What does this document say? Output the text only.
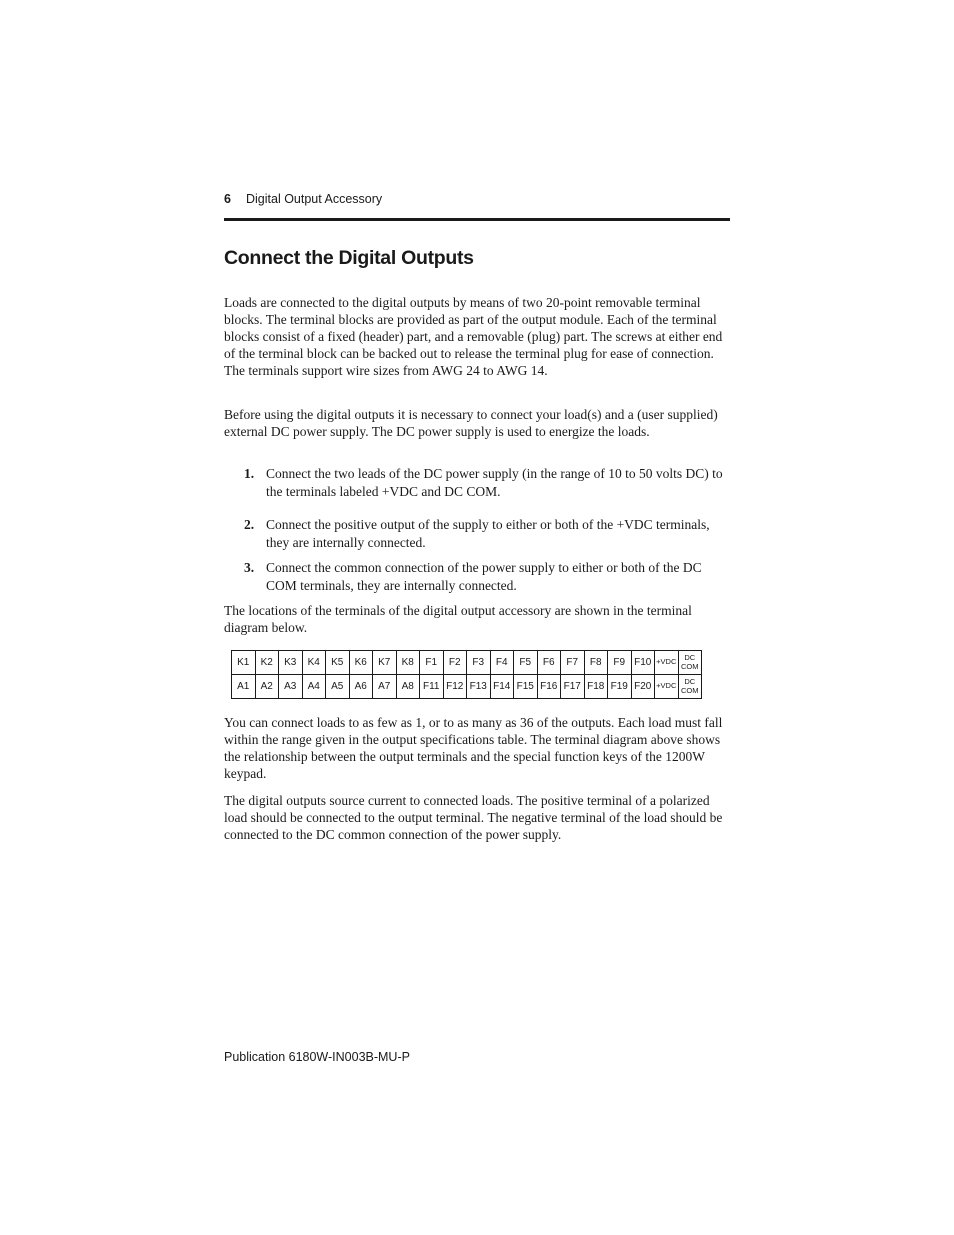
6 Digital Output Accessory
Connect the Digital Outputs

Loads are connected to the digital outputs by means of two 20-point removable terminal blocks. The terminal blocks are provided as part of the output module. Each of the terminal blocks consist of a fixed (header) part, and a removable (plug) part. The screws at either end of the terminal block can be backed out to release the terminal plug for ease of connection. The terminals support wire sizes from AWG 24 to AWG 14.

Before using the digital outputs it is necessary to connect your load(s) and a (user supplied) external DC power supply. The DC power supply is used to energize the loads.

1. Connect the two leads of the DC power supply (in the range of 10 to 50 volts DC) to the terminals labeled +VDC and DC COM.
2. Connect the positive output of the supply to either or both of the +VDC terminals, they are internally connected.
3. Connect the common connection of the power supply to either or both of the DC COM terminals, they are internally connected.

The locations of the terminals of the digital output accessory are shown in the terminal diagram below.

K1	K2	K3	K4	K5	K6	K7	K8	F1	F2	F3	F4	F5	F6	F7	F8	F9	F10	+VDC	DC
COM
A1	A2	A3	A4	A5	A6	A7	A8	F11	F12	F13	F14	F15	F16	F17	F18	F19	F20	+VDC	DC
COM

You can connect loads to as few as 1, or to as many as 36 of the outputs. Each load must fall within the range given in the output specifications table. The terminal diagram above shows the relationship between the output terminals and the special function keys of the 1200W keypad.

The digital outputs source current to connected loads. The positive terminal of a polarized load should be connected to the output terminal. The negative terminal of the load should be connected to the DC common connection of the power supply.

Publication 6180W-IN003B-MU-P
